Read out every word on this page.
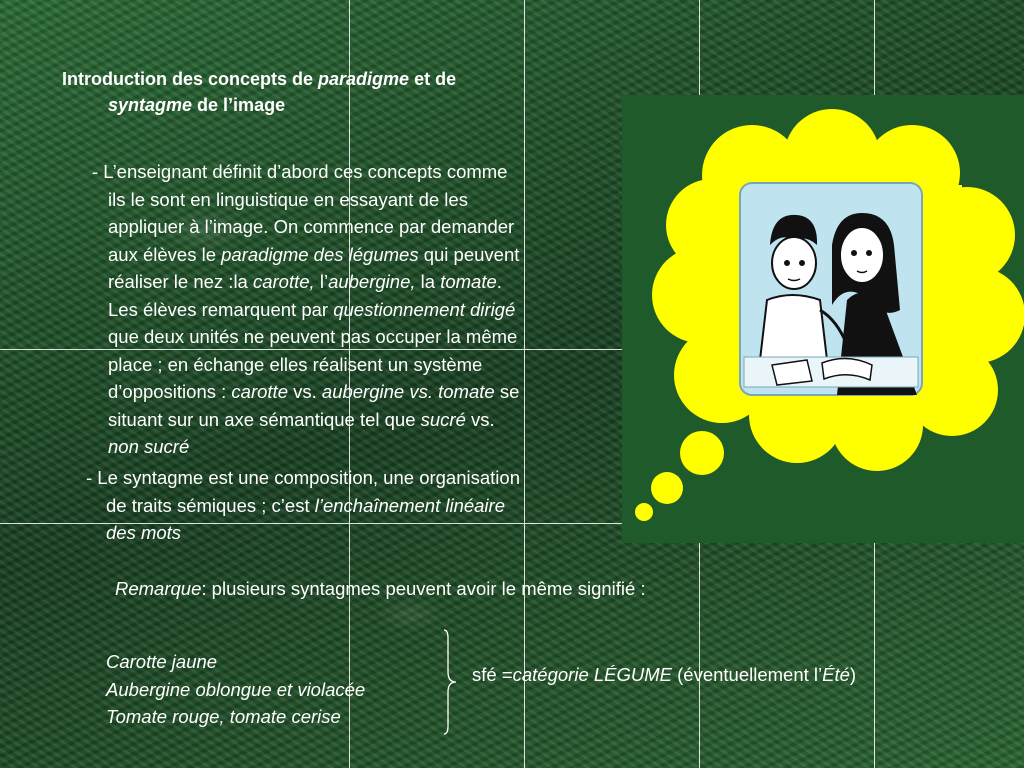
Introduction des concepts de paradigme et de
syntagme de l’image
- L’enseignant définit d’abord ces concepts comme
ils le sont en linguistique en essayant de les
appliquer à l’image. On commence par demander
aux élèves le paradigme des légumes qui peuvent
réaliser le nez :la carotte, l’aubergine, la tomate.
Les élèves remarquent par questionnement dirigé
que deux unités ne peuvent pas occuper la même
place ; en échange elles réalisent un système
d’oppositions : carotte vs. aubergine vs. tomate se
situant sur un axe sémantique tel que sucré vs.
non sucré
- Le syntagme est une composition, une organisation
de traits sémiques ; c’est l’enchaînement linéaire
des mots
Remarque: plusieurs syntagmes peuvent avoir le même signifié :
Carotte jaune
Aubergine oblongue et violacée
Tomate rouge, tomate cerise
sfé =catégorie LÉGUME (éventuellement l’Été)
